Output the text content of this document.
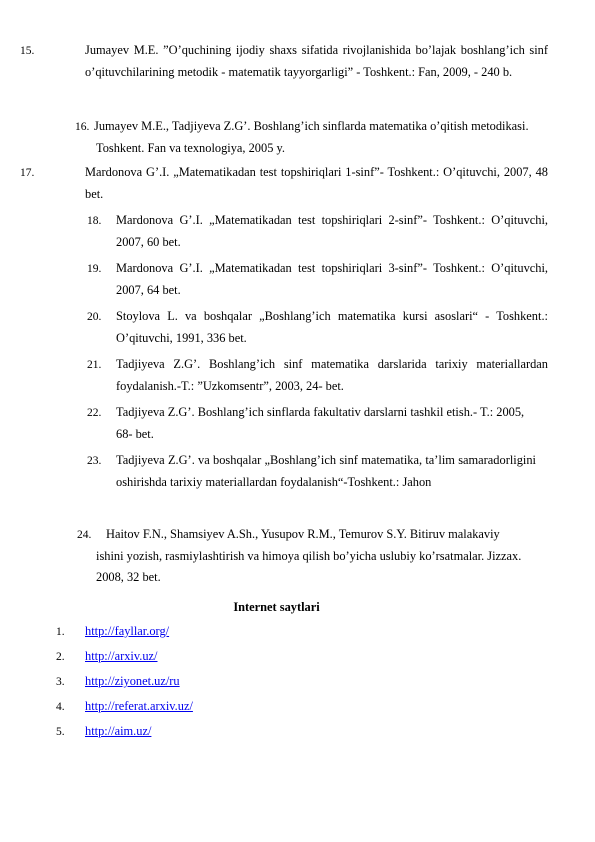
15.	Jumayev M.E. ”O’quchining ijodiy shaxs sifatida rivojlanishida bo’lajak boshlang’ich sinf o’qituvchilarining metodik - matematik tayyorgarligi” - Toshkent.: Fan, 2009, - 240 b.
16. Jumayev M.E., Tadjiyeva Z.G’. Boshlang’ich sinflarda matematika o’qitish metodikasi. Toshkent. Fan va texnologiya, 2005 y.
17.	Mardonova G’.I. „Matematikadan test topshiriqlari 1-sinf”- Toshkent.: O’qituvchi, 2007, 48 bet.
18. Mardonova G’.I. „Matematikadan test topshiriqlari 2-sinf”- Toshkent.: O’qituvchi, 2007, 60 bet.
19. Mardonova G’.I. „Matematikadan test topshiriqlari 3-sinf”- Toshkent.: O’qituvchi, 2007, 64 bet.
20. Stoylova L. va boshqalar „Boshlang’ich matematika kursi asoslari“ - Toshkent.: O’qituvchi, 1991, 336 bet.
21. Tadjiyeva Z.G’. Boshlang’ich sinf matematika darslarida tarixiy materiallardan foydalanish.-T.: ”Uzkomsentr”, 2003, 24- bet.
22. Tadjiyeva Z.G’. Boshlang’ich sinflarda fakultativ darslarni tashkil etish.- T.: 2005, 68- bet.
23. Tadjiyeva Z.G’. va boshqalar „Boshlang’ich sinf matematika, ta’lim samaradorligini oshirishda tarixiy materiallardan foydalanish“-Toshkent.: Jahon
24.	Haitov F.N., Shamsiyev A.Sh., Yusupov R.M., Temurov S.Y. Bitiruv malakaviy ishini yozish, rasmiylashtirish va himoya qilish bo’yicha uslubiy ko’rsatmalar. Jizzax. 2008, 32 bet.
Internet saytlari
1. http://fayllar.org/
2. http://arxiv.uz/
3. http://ziyonet.uz/ru
4. http://referat.arxiv.uz/
5. http://aim.uz/
